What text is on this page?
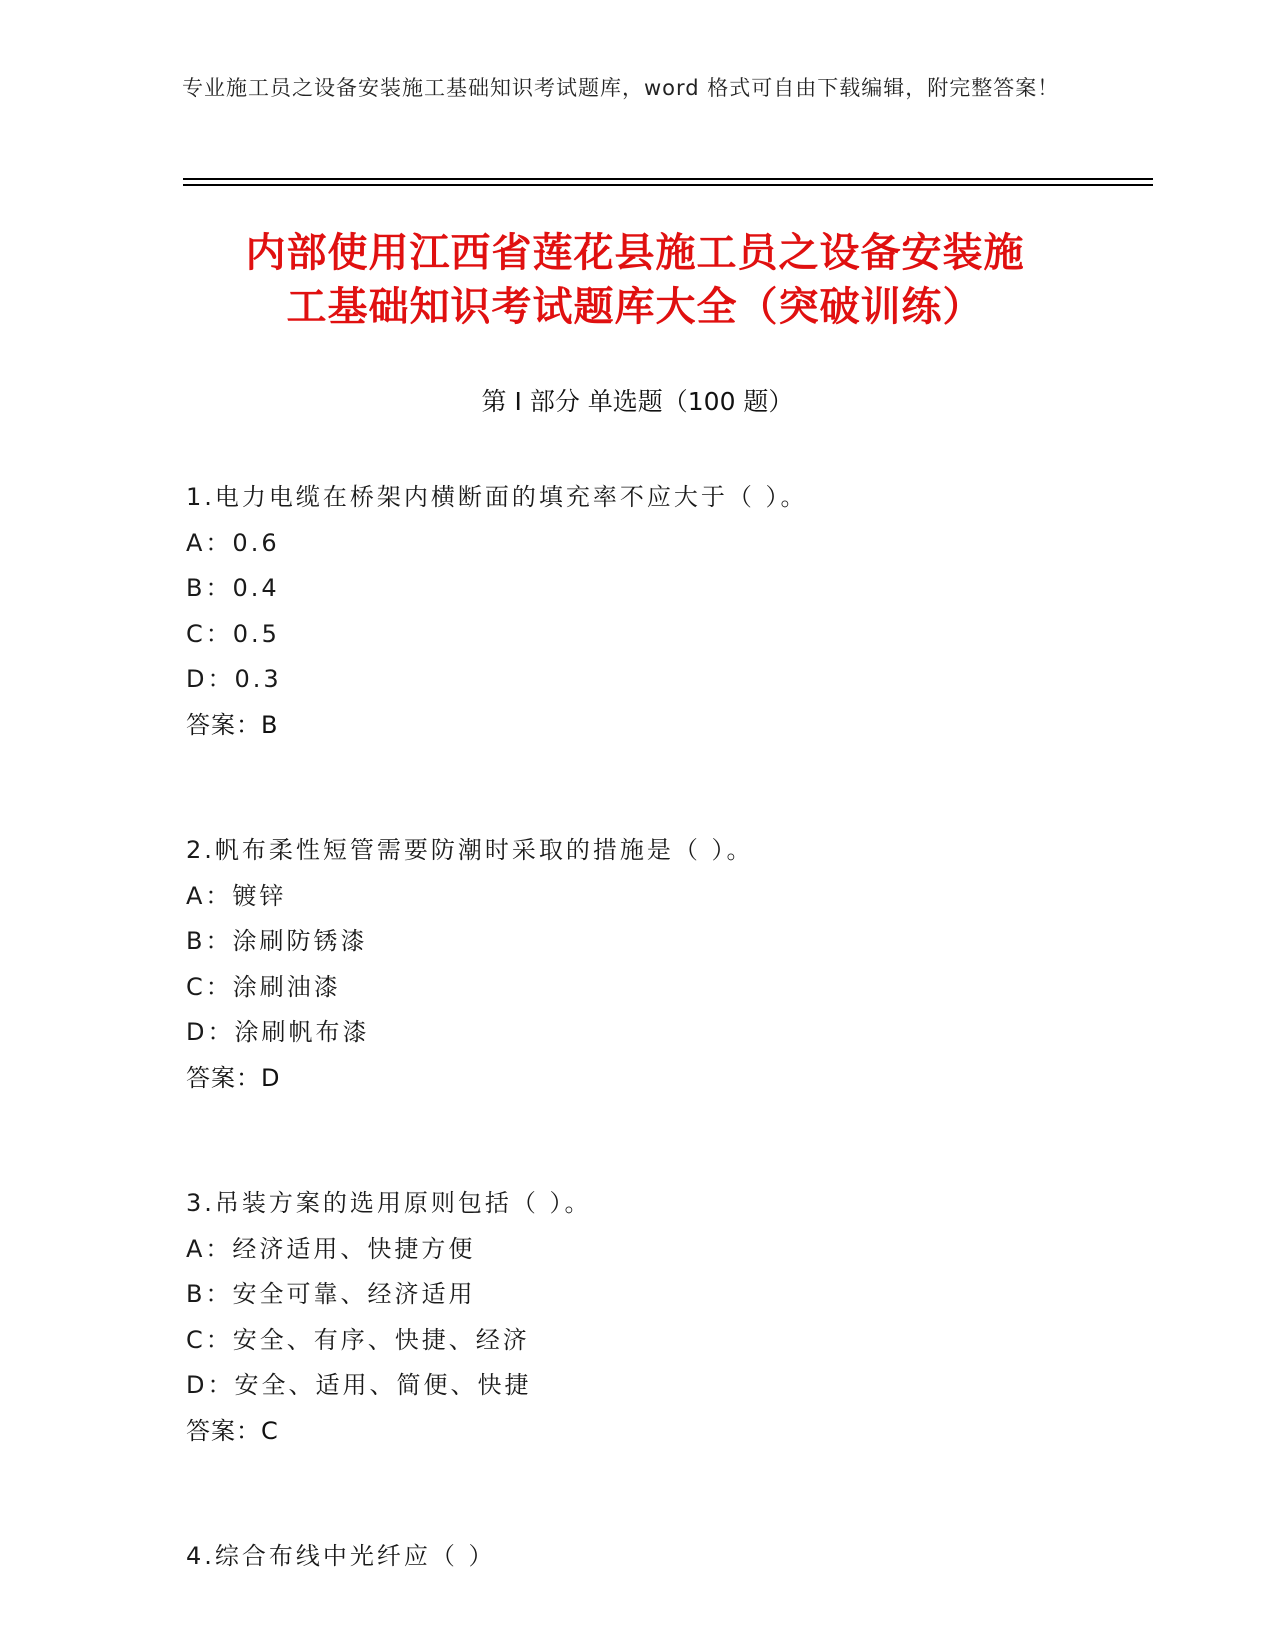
专业施工员之设备安装施工基础知识考试题库，word 格式可自由下载编辑，附完整答案！
内部使用江西省莲花县施工员之设备安装施
工基础知识考试题库大全（突破训练）
第 I 部分 单选题（100 题）
1.电力电缆在桥架内横断面的填充率不应大于（ ）。
A：0.6
B：0.4
C：0.5
D：0.3
答案：B
2.帆布柔性短管需要防潮时采取的措施是（ ）。
A：镀锌
B：涂刷防锈漆
C：涂刷油漆
D：涂刷帆布漆
答案：D
3.吊装方案的选用原则包括（ ）。
A：经济适用、快捷方便
B：安全可靠、经济适用
C：安全、有序、快捷、经济
D：安全、适用、简便、快捷
答案：C
4.综合布线中光纤应（ ）
